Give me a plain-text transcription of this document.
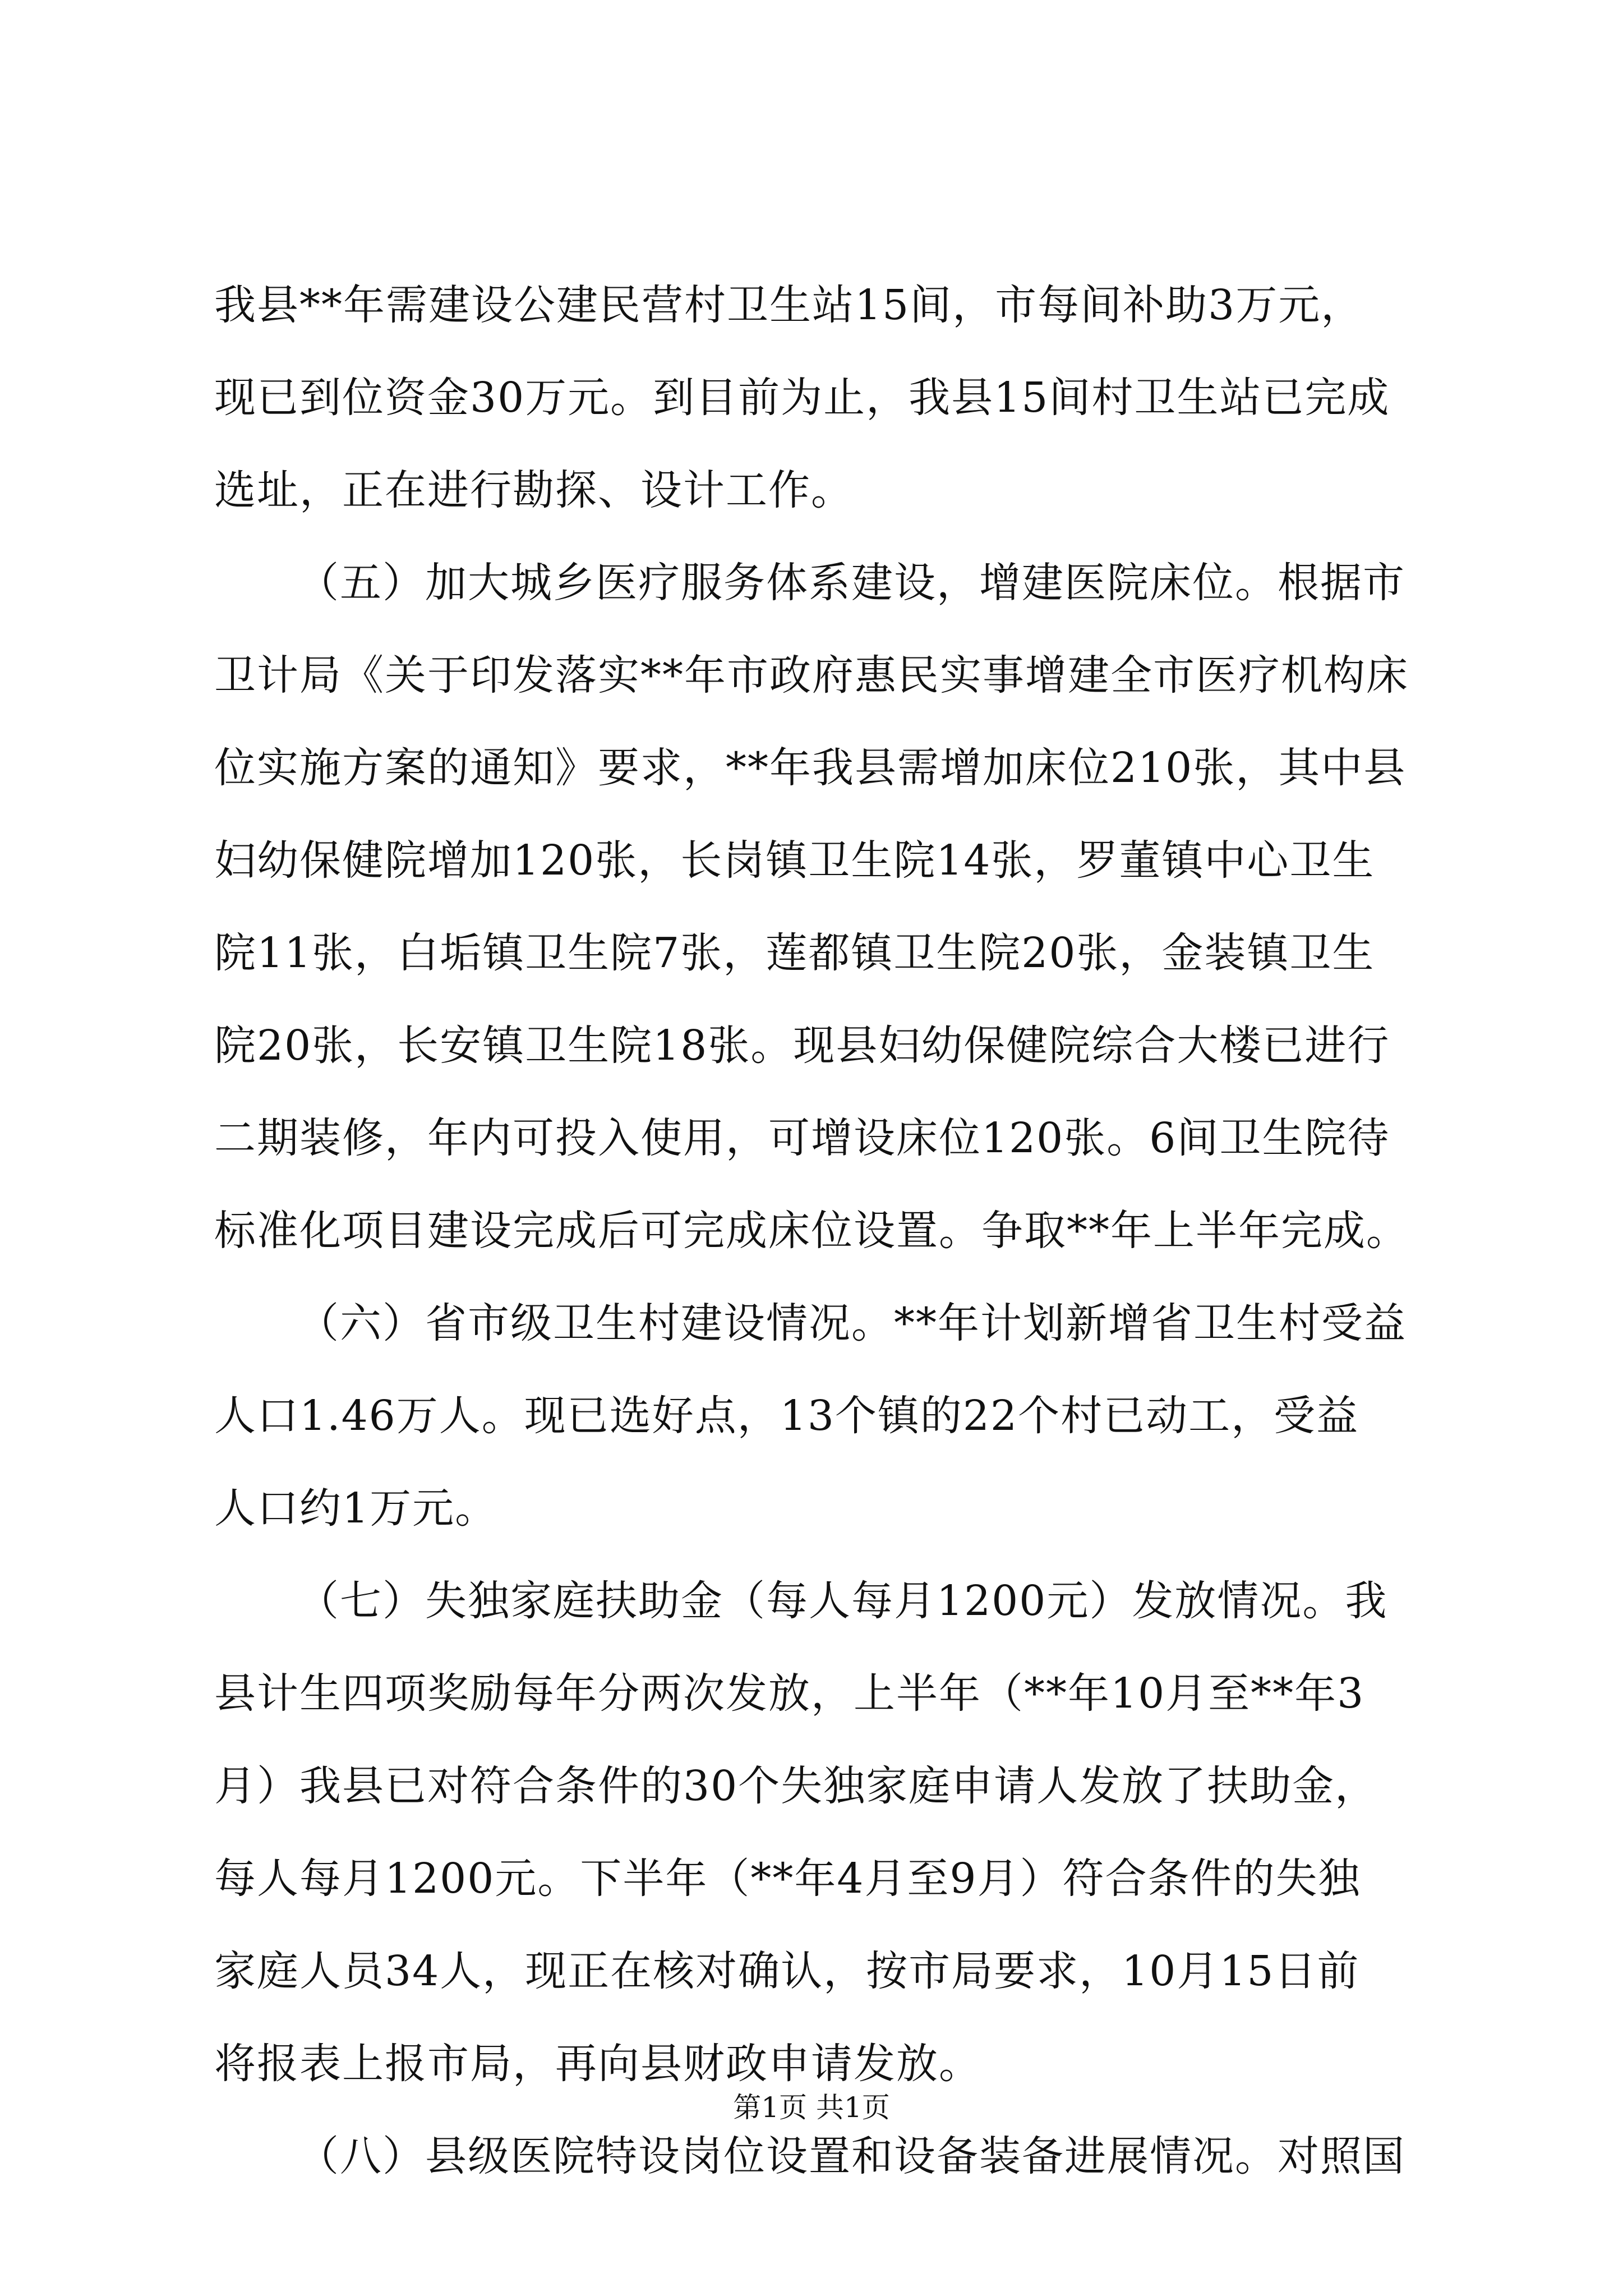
我县**年需建设公建民营村卫生站15间，市每间补助3万元，
现已到位资金30万元。到目前为止，我县15间村卫生站已完成
选址，正在进行勘探、设计工作。
（五）加大城乡医疗服务体系建设，增建医院床位。根据市
卫计局《关于印发落实**年市政府惠民实事增建全市医疗机构床
位实施方案的通知》要求，**年我县需增加床位210张，其中县
妇幼保健院增加120张，长岗镇卫生院14张，罗董镇中心卫生
院11张，白垢镇卫生院7张，莲都镇卫生院20张，金装镇卫生
院20张，长安镇卫生院18张。现县妇幼保健院综合大楼已进行
二期装修，年内可投入使用，可增设床位120张。6间卫生院待
标准化项目建设完成后可完成床位设置。争取**年上半年完成。
（六）省市级卫生村建设情况。**年计划新增省卫生村受益
人口1.46万人。现已选好点，13个镇的22个村已动工，受益
人口约1万元。
（七）失独家庭扶助金（每人每月1200元）发放情况。我
县计生四项奖励每年分两次发放，上半年（**年10月至**年3
月）我县已对符合条件的30个失独家庭申请人发放了扶助金，
每人每月1200元。下半年（**年4月至9月）符合条件的失独
家庭人员34人，现正在核对确认，按市局要求，10月15日前
将报表上报市局，再向县财政申请发放。
（八）县级医院特设岗位设置和设备装备进展情况。对照国
第1页 共1页
